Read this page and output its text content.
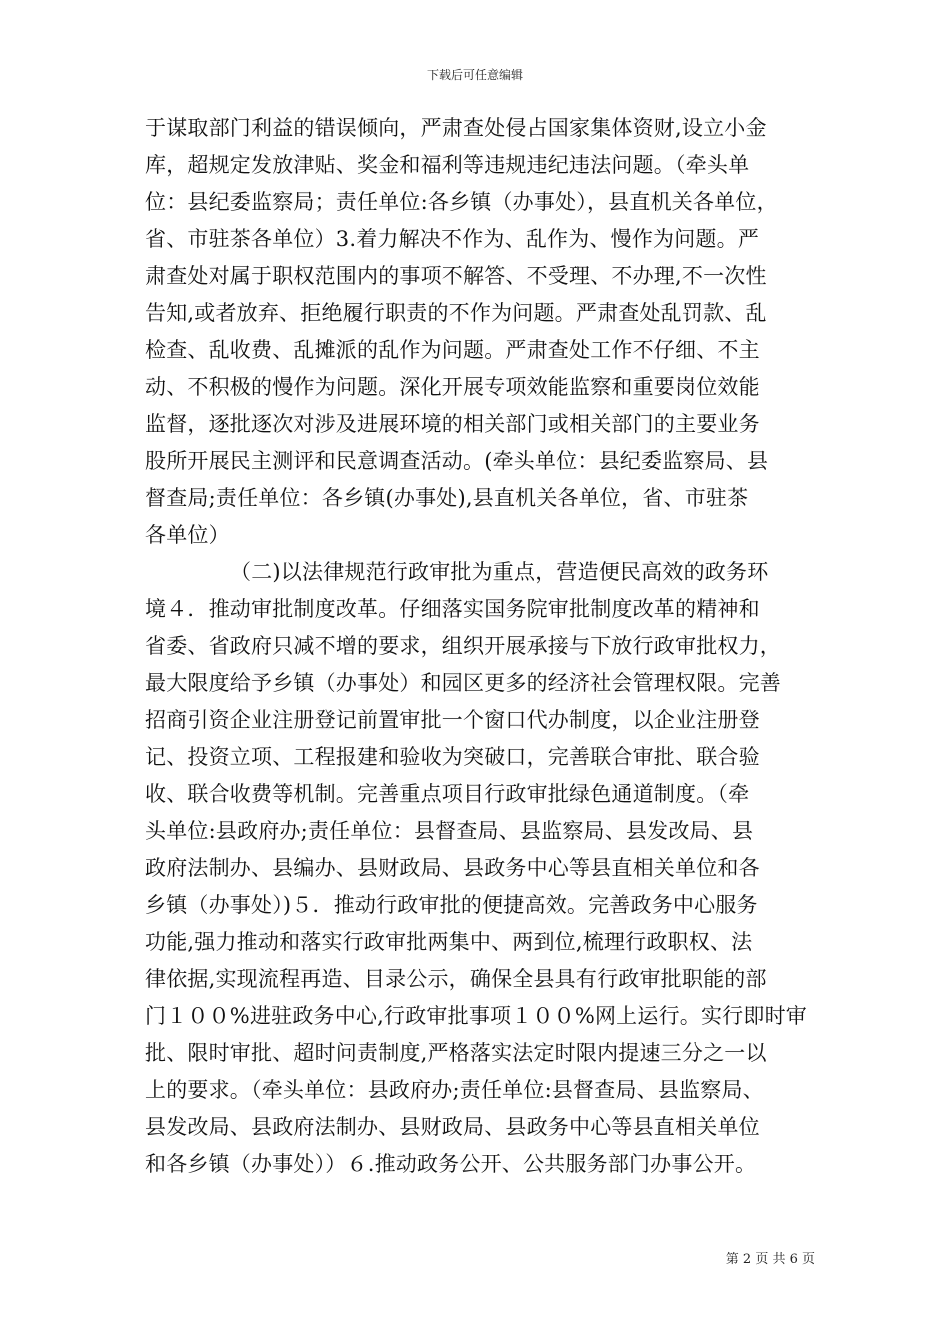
下载后可任意编辑
于谋取部门利益的错误倾向，严肃查处侵占国家集体资财,设立小金
库，超规定发放津贴、奖金和福利等违规违纪违法问题。（牵头单
位：县纪委监察局；责任单位:各乡镇（办事处），县直机关各单位，
省、市驻茶各单位）3.着力解决不作为、乱作为、慢作为问题。严
肃查处对属于职权范围内的事项不解答、不受理、不办理,不一次性
告知,或者放弃、拒绝履行职责的不作为问题。严肃查处乱罚款、乱
检查、乱收费、乱摊派的乱作为问题。严肃查处工作不仔细、不主
动、不积极的慢作为问题。深化开展专项效能监察和重要岗位效能
监督，逐批逐次对涉及进展环境的相关部门或相关部门的主要业务
股所开展民主测评和民意调查活动。(牵头单位：县纪委监察局、县
督查局;责任单位：各乡镇(办事处),县直机关各单位，省、市驻茶
各单位）
（二)以法律规范行政审批为重点，营造便民高效的政务环
境４．推动审批制度改革。仔细落实国务院审批制度改革的精神和
省委、省政府只减不增的要求，组织开展承接与下放行政审批权力，
最大限度给予乡镇（办事处）和园区更多的经济社会管理权限。完善
招商引资企业注册登记前置审批一个窗口代办制度，以企业注册登
记、投资立项、工程报建和验收为突破口，完善联合审批、联合验
收、联合收费等机制。完善重点项目行政审批绿色通道制度。（牵
头单位:县政府办;责任单位：县督查局、县监察局、县发改局、县
政府法制办、县编办、县财政局、县政务中心等县直相关单位和各
乡镇（办事处）)５．推动行政审批的便捷高效。完善政务中心服务
功能,强力推动和落实行政审批两集中、两到位,梳理行政职权、法
律依据,实现流程再造、目录公示，确保全县具有行政审批职能的部
门１００%进驻政务中心,行政审批事项１００%网上运行。实行即时审
批、限时审批、超时问责制度,严格落实法定时限内提速三分之一以
上的要求。（牵头单位：县政府办;责任单位:县督查局、县监察局、
县发改局、县政府法制办、县财政局、县政务中心等县直相关单位
和各乡镇（办事处））６.推动政务公开、公共服务部门办事公开。
第 2 页 共 6 页
